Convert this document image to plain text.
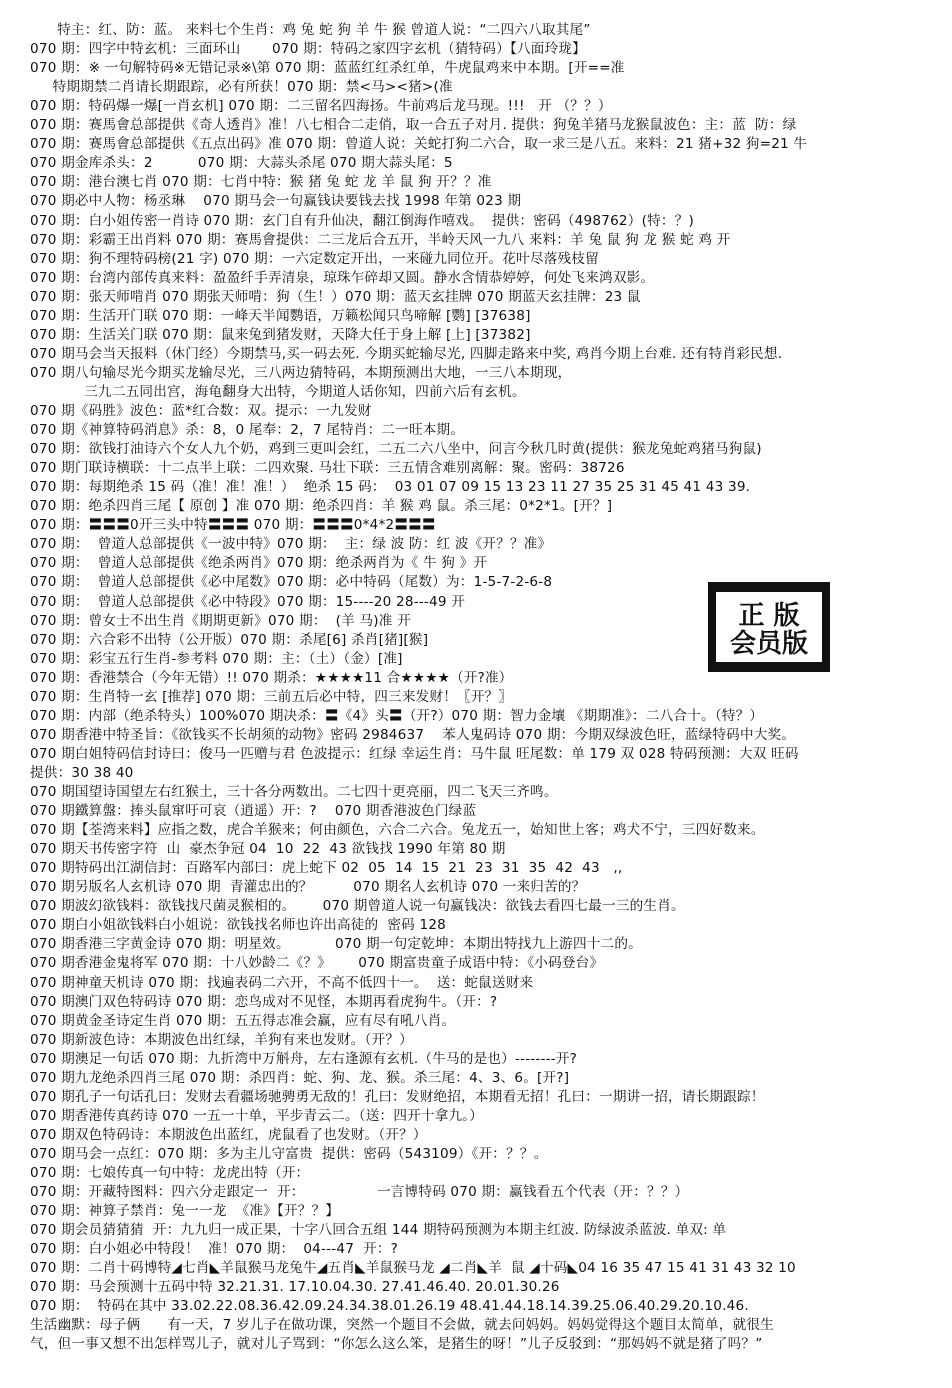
特主：红、防：蓝。 来料七个生肖：鸡 兔 蛇 狗 羊 牛 猴 曾道人说：“二四六八取其尾”
070 期：四字中特玄机：三面环山       070 期：特码之家四字玄机（猜特码）【八面玲珑】
070 期：※ 一句解特码※无错记录※\第 070 期：蓝蓝红红杀红单，牛虎鼠鸡来中本期。[开==准
特期期禁二肖请长期跟踪，必有所获！070 期：禁<马><猪>(准
070 期：特码爆一爆[一肖玄机] 070 期：二三留名四海扬。牛前鸡后龙马现。!!!   开 （？？）
070 期：赛馬會总部提供《奇人透肖》准！八七相合二走俏，取一合五子对月. 提供：狗兔羊猪马龙猴鼠波色：主：蓝  防：绿
070 期：赛馬會总部提供《五点出码》准 070 期：曾道人说：关蛇打狗二六合，取一求三是八五。来料：21 猪+32 狗=21 牛
070 期金库杀头：2          070 期：大蒜头杀尾 070 期大蒜头尾：5
070 期：港台澳七肖 070 期：七肖中特：猴 猪 兔 蛇 龙 羊 鼠 狗 开？？准
070 期必中人物：杨丞琳    070 期马会一句赢钱诀要钱去找 1998 年第 023 期
070 期：白小姐传密一肖诗 070 期：玄门自有升仙决，翻江倒海作嘻戏。  提供：密码（498762）(特：？)
070 期：彩霸王出肖料 070 期：赛馬會提供：二三龙后合五开，半岭天风一九八 来料：羊 兔 鼠 狗 龙 猴 蛇 鸡 开
070 期：狗不理特码榜(21 字) 070 期：一六定数定开出，一来碰九同位开。花叶尽落残枝留
070 期：台湾内部传真来料：盈盈纤手弄清泉，琼珠乍碎却又圆。静水含情恭婷婷，何处飞来鸿双影。
070 期：张天师啃肖 070 期张天师啃：狗（生！）070 期：蓝天玄挂牌 070 期蓝天玄挂牌：23 鼠
070 期：生活开门联 070 期：一峰天半闻鹦语，万籁松闻只鸟啼解 [鹦] [37638]
070 期：生活关门联 070 期：鼠来兔到猪发财，天降大任于身上解 [上] [37382]
070 期马会当天报料（休门经）今期禁马,买一码去死. 今期买蛇输尽光, 四脚走路来中奖, 鸡肖今期上台难. 还有特肖彩民想.
070 期八句输尽光今期买龙输尽光，三八两边猜特码，本期预测出大地，一三八本期现，
三九二五同出宫，海龟翻身大出特，今期道人话你知，四前六后有玄机。
070 期《码胜》波色：蓝*红合数：双。提示：一九发财
070 期《神算特码消息》杀：8，0 尾奉：2，7 尾特肖：二一旺本期。
070 期：欲钱打油诗六个女人九个奶，鸡到三更叫会红，二五二六八坐中，问言今秋几时黄(提供：猴龙兔蛇鸡猪马狗鼠)
070 期门联诗横联：十二点半上联：二四欢聚. 马壮下联：三五情含难别离解：聚。密码：38726
070 期：每期绝杀 15 码（准！准！准！）  绝杀 15 码：  03 01 07 09 15 13 23 11 27 35 25 31 45 41 43 39.
070 期：绝杀四肖三尾【 原创 】准 070 期：绝杀四肖：羊 猴 鸡 鼠。杀三尾：0*2*1。[开？]
070 期：〓〓〓0开三头中特〓〓〓 070 期：〓〓〓0*4*2〓〓〓
070 期：  曾道人总部提供《一波中特》070 期：  主：绿 波 防：红 波《开？？准》
070 期：  曾道人总部提供《绝杀两肖》070 期：绝杀两肖为《 牛 狗 》开
070 期：  曾道人总部提供《必中尾数》070 期：必中特码（尾数）为：1-5-7-2-6-8
070 期：  曾道人总部提供《必中特段》070 期：15----20 28---49 开
070 期：曾女士不出生肖《期期更新》070 期：  (羊 马)准 开
070 期：六合彩不出特（公开版）070 期：杀尾[6] 杀肖[猪][猴]
070 期：彩宝五行生肖-参考料 070 期：主：（土）（金）[准]
070 期：香港禁合（今年无错）!! 070 期杀：★★★★11 合★★★★（开?准）
070 期：生肖特一玄 [推荐] 070 期：三前五后必中特，四三来发财！〖开？〗
070 期：内部（绝杀特头）100%070 期决杀：〓《4》头〓（开?）070 期：智力金壤 《期期准》：二八合十。（特？）
070 期香港中特圣旨：《欲钱买不长胡须的动物》密码 2984637    苯人鬼码诗 070 期：今期双绿波色旺，蓝绿特码中大奖。
070 期白姐特码信封诗曰：俊马一匹赠与君 色波提示：红绿 幸运生肖：马牛鼠 旺尾数：单 179 双 028 特码预测：大双 旺码
提供：30 38 40
070 期国望诗国望左右红猴土，三十各分两数出。二七四十更亮丽，四二飞天三齐鸣。
070 期鐵算盤：捧头鼠窜吁可哀（逍遥）开：?    070 期香港波色门绿蓝
070 期【荃湾来料】应指之数，虎合羊猴来；何由颜色，六合二六合。兔龙五一，始知世上客；鸡犬不宁，三四好数来。
070 期天书传密字符  山  豪杰争冠 04  10  22  43 欲钱找 1990 年第 80 期
070 期特码出江湖信封：百路军内部曰：虎上蛇下 02  05  14  15  21  23  31  35  42  43   ,,
070 期另版名人玄机诗 070 期  青灌忠出的？         070 期名人玄机诗 070 一来归苦的？
070 期波幻欲钱料：欲钱找尺菌灵猴相的。      070 期曾道人说一句赢钱决：欲钱去看四七最一三的生肖。
070 期白小姐欲钱料白小姐说：欲钱找名师也许出高徒的  密码 128
070 期香港三字黄金诗 070 期：明星效。          070 期一句定乾坤：本期出特找九上游四十二的。
070 期香港金鬼将军 070 期：十八妙龄二《？》      070 期富贵童子成语中特：《小码登台》
070 期神童天机诗 070 期：找遍表码二六开，不高不低四十一。  送：蛇鼠送财来
070 期澳门双色特码诗 070 期：恋鸟成对不见怪，本期再看虎狗牛。（开：?
070 期黄金圣诗定生肖 070 期：五五得志准会赢，应有尽有吼八肖。
070 期新波色诗：本期波色出红绿，羊狗有来也发财。（开？）
070 期澳足一句话 070 期：九折湾中万斛舟，左右逢源有玄机.（牛马的是也）--------开?
070 期九龙绝杀四肖三尾 070 期：杀四肖：蛇、狗、龙、猴。杀三尾：4、3、6。[开?]
070 期孔子一句话孔曰：发财去看疆场驰骋勇无敌的！孔曰：发财绝招，本期看无招！孔曰：一期讲一招，请长期跟踪！
070 期香港传真药诗 070 一五一十单，平步青云二。（送：四开十拿九。）
070 期双色特码诗：本期波色出蓝红，虎鼠看了也发财。（开？）
070 期马会一点红：070 期：多为主儿守富贵  提供：密码（543109）《开：？？。
070 期：七娘传真一句中特：龙虎出特（开：
070 期：开藏特图料：四六分走跟定一  开：                一言博特码 070 期：赢钱看五个代表（开：？？）
070 期：神算子禁肖：兔一一龙  《准》【开？？】
070 期会员猜猜猜  开：九九归一成正果，十字八回合五组 144 期特码预测为本期主红波. 防绿波杀蓝波. 单双: 单
070 期：白小姐必中特段！  准！070 期：  04---47  开：?
070 期：二肖十码博特◢七肖◣羊鼠猴马龙兔牛◢五肖◣羊鼠猴马龙 ◢二肖◣羊  鼠 ◢十码◣04 16 35 47 15 41 31 43 32 10
070 期：马会预测十五码中特 32.21.31. 17.10.04.30. 27.41.46.40. 20.01.30.26
070 期：  特码在其中 33.02.22.08.36.42.09.24.34.38.01.26.19 48.41.44.18.14.39.25.06.40.29.20.10.46.
生活幽默：母子俩      有一天，7 岁儿子在做功课，突然一个题目不会做，就去问妈妈。妈妈觉得这个题目太简单，就很生
气，但一事又想不出怎样骂儿子，就对儿子骂到：“你怎么这么笨，是猪生的呀！”儿子反驳到：“那妈妈不就是猪了吗？”
正 版
会员版
